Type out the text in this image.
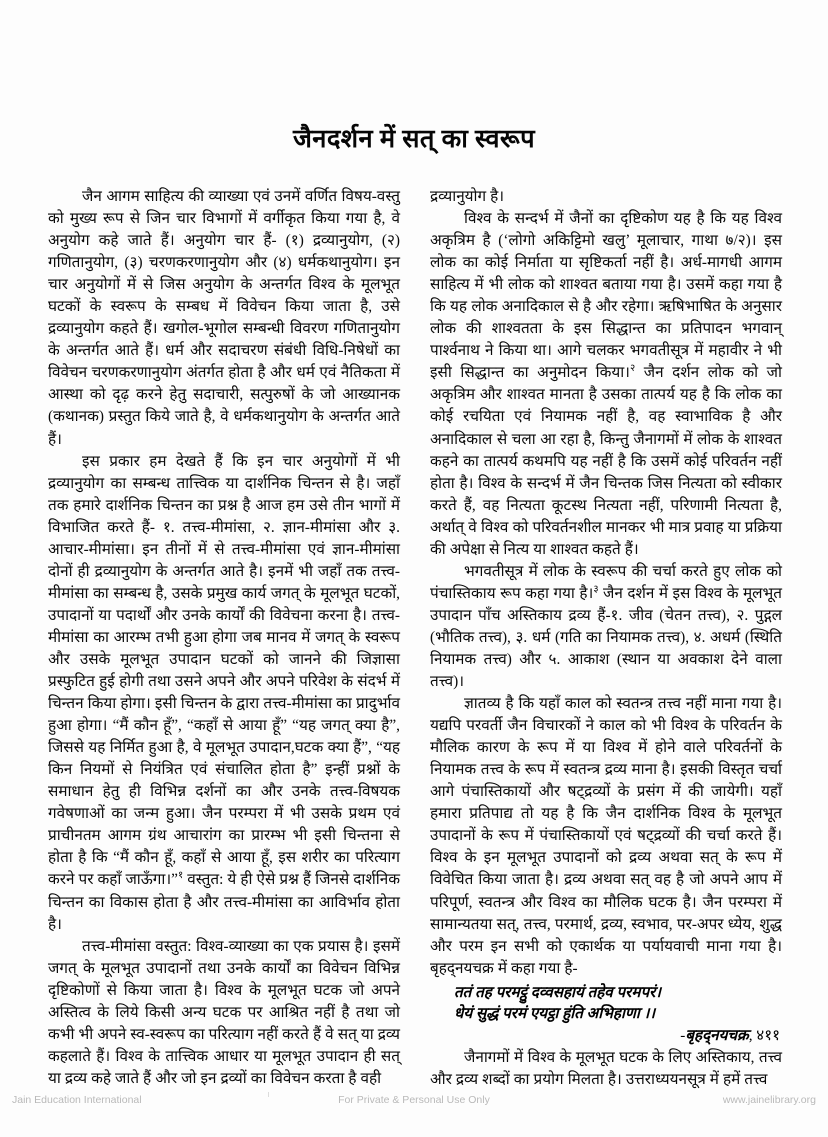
जैनदर्शन में सत् का स्वरूप

जैन आगम साहित्य की व्याख्या एवं उनमें वर्णित विषय-वस्तु को मुख्य रूप से जिन चार विभागों में वर्गीकृत किया गया है, वे अनुयोग कहे जाते हैं। अनुयोग चार हैं- (१) द्रव्यानुयोग, (२) गणितानुयोग, (३) चरणकरणानुयोग और (४) धर्मकथानुयोग। इन चार अनुयोगों में से जिस अनुयोग के अन्तर्गत विश्व के मूलभूत घटकों के स्वरूप के सम्बध में विवेचन किया जाता है, उसे द्रव्यानुयोग कहते हैं। खगोल-भूगोल सम्बन्धी विवरण गणितानुयोग के अन्तर्गत आते हैं। धर्म और सदाचरण संबंधी विधि-निषेधों का विवेचन चरणकरणानुयोग अंतर्गत होता है और धर्म एवं नैतिकता में आस्था को दृढ़ करने हेतु सदाचारी, सत्पुरुषों के जो आख्यानक (कथानक) प्रस्तुत किये जाते है, वे धर्मकथानुयोग के अन्तर्गत आते हैं।

इस प्रकार हम देखते हैं कि इन चार अनुयोगों में भी द्रव्यानुयोग का सम्बन्ध तात्त्विक या दार्शनिक चिन्तन से है। जहाँ तक हमारे दार्शनिक चिन्तन का प्रश्न है आज हम उसे तीन भागों में विभाजित करते हैं- १. तत्त्व-मीमांसा, २. ज्ञान-मीमांसा और ३. आचार-मीमांसा। इन तीनों में से तत्त्व-मीमांसा एवं ज्ञान-मीमांसा दोनों ही द्रव्यानुयोग के अन्तर्गत आते है। इनमें भी जहाँ तक तत्त्व-मीमांसा का सम्बन्ध है, उसके प्रमुख कार्य जगत् के मूलभूत घटकों, उपादानों या पदार्थों और उनके कार्यों की विवेचना करना है। तत्त्व-मीमांसा का आरम्भ तभी हुआ होगा जब मानव में जगत् के स्वरूप और उसके मूलभूत उपादान घटकों को जानने की जिज्ञासा प्रस्फुटित हुई होगी तथा उसने अपने और अपने परिवेश के संदर्भ में चिन्तन किया होगा। इसी चिन्तन के द्वारा तत्त्व-मीमांसा का प्रादुर्भाव हुआ होगा। “मैं कौन हूँ”, “कहाँ से आया हूँ” “यह जगत् क्या है”, जिससे यह निर्मित हुआ है, वे मूलभूत उपादान,घटक क्या हैं”, “यह किन नियमों से नियंत्रित एवं संचालित होता है” इन्हीं प्रश्नों के समाधान हेतु ही विभिन्न दर्शनों का और उनके तत्त्व-विषयक गवेषणाओं का जन्म हुआ। जैन परम्परा में भी उसके प्रथम एवं प्राचीनतम आगम ग्रंथ आचारांग का प्रारम्भ भी इसी चिन्तना से होता है कि “मैं कौन हूँ, कहाँ से आया हूँ, इस शरीर का परित्याग करने पर कहाँ जाऊँगा।”$^१$ वस्तुत: ये ही ऐसे प्रश्न हैं जिनसे दार्शनिक चिन्तन का विकास होता है और तत्त्व-मीमांसा का आविर्भाव होता है।

तत्त्व-मीमांसा वस्तुत: विश्व-व्याख्या का एक प्रयास है। इसमें जगत् के मूलभूत उपादानों तथा उनके कार्यों का विवेचन विभिन्न दृष्टिकोणों से किया जाता है। विश्व के मूलभूत घटक जो अपने अस्तित्व के लिये किसी अन्य घटक पर आश्रित नहीं है तथा जो कभी भी अपने स्व-स्वरूप का परित्याग नहीं करते हैं वे सत् या द्रव्य कहलाते हैं। विश्व के तात्त्विक आधार या मूलभूत उपादान ही सत् या द्रव्य कहे जाते हैं और जो इन द्रव्यों का विवेचन करता है वही

द्रव्यानुयोग है।

विश्व के सन्दर्भ में जैनों का दृष्टिकोण यह है कि यह विश्व अकृत्रिम है (‘लोगो अकिट्टिमो खलु’ मूलाचार, गाथा ७/२)। इस लोक का कोई निर्माता या सृष्टिकर्ता नहीं है। अर्ध-मागधी आगम साहित्य में भी लोक को शाश्वत बताया गया है। उसमें कहा गया है कि यह लोक अनादिकाल से है और रहेगा। ऋषिभाषित के अनुसार लोक की शाश्वतता के इस सिद्धान्त का प्रतिपादन भगवान् पार्श्वनाथ ने किया था। आगे चलकर भगवतीसूत्र में महावीर ने भी इसी सिद्धान्त का अनुमोदन किया।$^२$ जैन दर्शन लोक को जो अकृत्रिम और शाश्वत मानता है उसका तात्पर्य यह है कि लोक का कोई रचयिता एवं नियामक नहीं है, वह स्वाभाविक है और अनादिकाल से चला आ रहा है, किन्तु जैनागमों में लोक के शाश्वत कहने का तात्पर्य कथमपि यह नहीं है कि उसमें कोई परिवर्तन नहीं होता है। विश्व के सन्दर्भ में जैन चिन्तक जिस नित्यता को स्वीकार करते हैं, वह नित्यता कूटस्थ नित्यता नहीं, परिणामी नित्यता है, अर्थात् वे विश्व को परिवर्तनशील मानकर भी मात्र प्रवाह या प्रक्रिया की अपेक्षा से नित्य या शाश्वत कहते हैं।

भगवतीसूत्र में लोक के स्वरूप की चर्चा करते हुए लोक को पंचास्तिकाय रूप कहा गया है।$^३$ जैन दर्शन में इस विश्व के मूलभूत उपादान पाँच अस्तिकाय द्रव्य हैं-१. जीव (चेतन तत्त्व), २. पुद्गल (भौतिक तत्त्व), ३. धर्म (गति का नियामक तत्त्व), ४. अधर्म (स्थिति नियामक तत्त्व) और ५. आकाश (स्थान या अवकाश देने वाला तत्त्व)।

ज्ञातव्य है कि यहाँ काल को स्वतन्त्र तत्त्व नहीं माना गया है। यद्यपि परवर्ती जैन विचारकों ने काल को भी विश्व के परिवर्तन के मौलिक कारण के रूप में या विश्व में होने वाले परिवर्तनों के नियामक तत्त्व के रूप में स्वतन्त्र द्रव्य माना है। इसकी विस्तृत चर्चा आगे पंचास्तिकायों और षट्द्रव्यों के प्रसंग में की जायेगी। यहाँ हमारा प्रतिपाद्य तो यह है कि जैन दार्शनिक विश्व के मूलभूत उपादानों के रूप में पंचास्तिकायों एवं षट्द्रव्यों की चर्चा करते हैं। विश्व के इन मूलभूत उपादानों को द्रव्य अथवा सत् के रूप में विवेचित किया जाता है। द्रव्य अथवा सत् वह है जो अपने आप में परिपूर्ण, स्वतन्त्र और विश्व का मौलिक घटक है। जैन परम्परा में सामान्यतया सत्, तत्त्व, परमार्थ, द्रव्य, स्वभाव, पर-अपर ध्येय, शुद्ध और परम इन सभी को एकार्थक या पर्यायवाची माना गया है। बृहद्नयचक्र में कहा गया है-

ततं तह परमट्ठुं दव्वसहायं तहेव परमपरं।
धेयं सुद्धं परमं एयट्ठा हुंति अभिहाणा ।।
-बृहद्नयचक्र, ४११

जैनागमों में विश्व के मूलभूत घटक के लिए अस्तिकाय, तत्त्व और द्रव्य शब्दों का प्रयोग मिलता है। उत्तराध्ययनसूत्र में हमें तत्त्व

Jain Education International	For Private & Personal Use Only	www.jainelibrary.org
